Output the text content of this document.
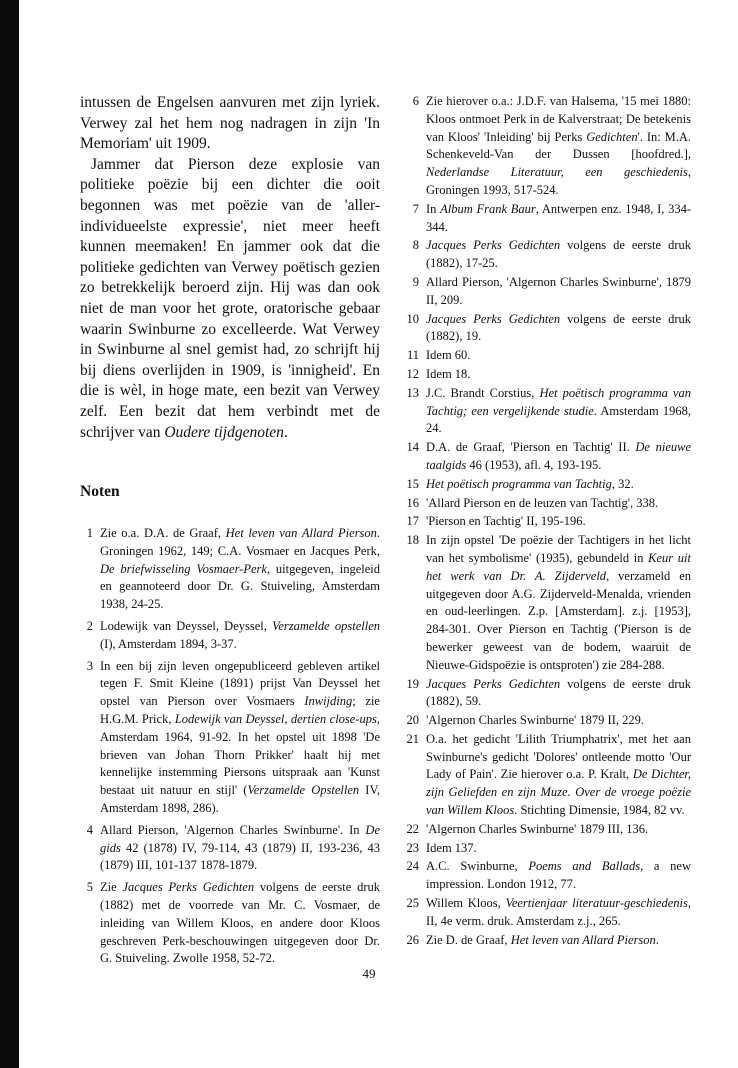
intussen de Engelsen aanvuren met zijn lyriek. Verwey zal het hem nog nadragen in zijn 'In Memoriam' uit 1909.

Jammer dat Pierson deze explosie van politieke poëzie bij een dichter die ooit begonnen was met poëzie van de 'aller-individueelste expressie', niet meer heeft kunnen meemaken! En jammer ook dat die politieke gedichten van Verwey poëtisch gezien zo betrekkelijk beroerd zijn. Hij was dan ook niet de man voor het grote, oratorische gebaar waarin Swinburne zo excelleerde. Wat Verwey in Swinburne al snel gemist had, zo schrijft hij bij diens overlijden in 1909, is 'innigheid'. En die is wèl, in hoge mate, een bezit van Verwey zelf. Een bezit dat hem verbindt met de schrijver van Oudere tijdgenoten.

Noten
1 Zie o.a. D.A. de Graaf, Het leven van Allard Pierson. Groningen 1962, 149; C.A. Vosmaer en Jacques Perk, De briefwisseling Vosmaer-Perk, uitgegeven, ingeleid en geannoteerd door Dr. G. Stuiveling, Amsterdam 1938, 24-25.
2 Lodewijk van Deyssel, Deyssel, Verzamelde opstellen (I), Amsterdam 1894, 3-37.
3 In een bij zijn leven ongepubliceerd gebleven artikel tegen F. Smit Kleine (1891) prijst Van Deyssel het opstel van Pierson over Vosmaers Inwijding; zie H.G.M. Prick, Lodewijk van Deyssel, dertien close-ups, Amsterdam 1964, 91-92. In het opstel uit 1898 'De brieven van Johan Thorn Prikker' haalt hij met kennelijke instemming Piersons uitspraak aan 'Kunst bestaat uit natuur en stijl' (Verzamelde Opstellen IV, Amsterdam 1898, 286).
4 Allard Pierson, 'Algernon Charles Swinburne'. In De gids 42 (1878) IV, 79-114, 43 (1879) II, 193-236, 43 (1879) III, 101-137 1878-1879.
5 Zie Jacques Perks Gedichten volgens de eerste druk (1882) met de voorrede van Mr. C. Vosmaer, de inleiding van Willem Kloos, en andere door Kloos geschreven Perk-beschouwingen uitgegeven door Dr. G. Stuiveling. Zwolle 1958, 52-72.
6 Zie hierover o.a.: J.D.F. van Halsema, '15 mei 1880: Kloos ontmoet Perk in de Kalverstraat; De betekenis van Kloos' 'Inleiding' bij Perks Gedichten'. In: M.A. Schenkeveld-Van der Dussen [hoofdred.], Nederlandse Literatuur, een geschiedenis, Groningen 1993, 517-524.
7 In Album Frank Baur, Antwerpen enz. 1948, I, 334-344.
8 Jacques Perks Gedichten volgens de eerste druk (1882), 17-25.
9 Allard Pierson, 'Algernon Charles Swinburne', 1879 II, 209.
10 Jacques Perks Gedichten volgens de eerste druk (1882), 19.
11 Idem 60.
12 Idem 18.
13 J.C. Brandt Corstius, Het poëtisch programma van Tachtig; een vergelijkende studie. Amsterdam 1968, 24.
14 D.A. de Graaf, 'Pierson en Tachtig' II. De nieuwe taalgids 46 (1953), afl. 4, 193-195.
15 Het poëtisch programma van Tachtig, 32.
16 'Allard Pierson en de leuzen van Tachtig', 338.
17 'Pierson en Tachtig' II, 195-196.
18 In zijn opstel 'De poëzie der Tachtigers in het licht van het symbolisme' (1935), gebundeld in Keur uit het werk van Dr. A. Zijderveld, verzameld en uitgegeven door A.G. Zijderveld-Menalda, vrienden en oud-leerlingen. Z.p. [Amsterdam]. z.j. [1953], 284-301. Over Pierson en Tachtig ('Pierson is de bewerker geweest van de bodem, waaruit de Nieuwe-Gidspoëzie is ontsproten') zie 284-288.
19 Jacques Perks Gedichten volgens de eerste druk (1882), 59.
20 'Algernon Charles Swinburne' 1879 II, 229.
21 O.a. het gedicht 'Lilith Triumphatrix', met het aan Swinburne's gedicht 'Dolores' ontleende motto 'Our Lady of Pain'. Zie hierover o.a. P. Kralt, De Dichter, zijn Geliefden en zijn Muze. Over de vroege poëzie van Willem Kloos. Stichting Dimensie, 1984, 82 vv.
22 'Algernon Charles Swinburne' 1879 III, 136.
23 Idem 137.
24 A.C. Swinburne, Poems and Ballads, a new impression. London 1912, 77.
25 Willem Kloos, Veertienjaar literatuur-geschiedenis, II, 4e verm. druk. Amsterdam z.j., 265.
26 Zie D. de Graaf, Het leven van Allard Pierson.
49
